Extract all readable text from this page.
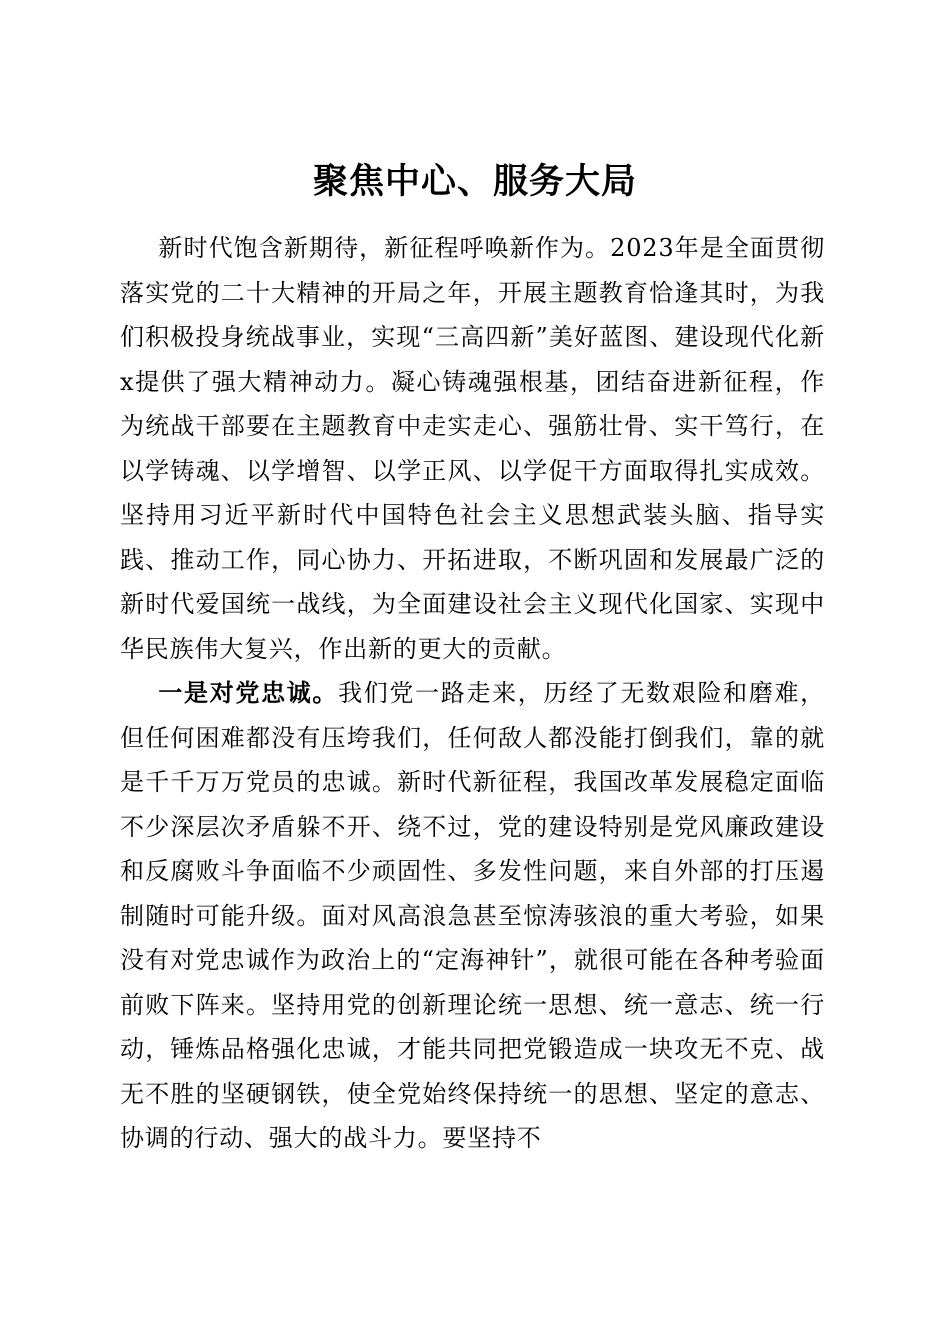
聚焦中心、服务大局

新时代饱含新期待，新征程呼唤新作为。2023年是全面贯彻落实党的二十大精神的开局之年，开展主题教育恰逢其时，为我们积极投身统战事业，实现“三高四新”美好蓝图、建设现代化新x提供了强大精神动力。凝心铸魂强根基，团结奋进新征程，作为统战干部要在主题教育中走实走心、强筋壮骨、实干笃行，在以学铸魂、以学增智、以学正风、以学促干方面取得扎实成效。坚持用习近平新时代中国特色社会主义思想武装头脑、指导实践、推动工作，同心协力、开拓进取，不断巩固和发展最广泛的新时代爱国统一战线，为全面建设社会主义现代化国家、实现中华民族伟大复兴，作出新的更大的贡献。

一是对党忠诚。我们党一路走来，历经了无数艰险和磨难，但任何困难都没有压垮我们，任何敌人都没能打倒我们，靠的就是千千万万党员的忠诚。新时代新征程，我国改革发展稳定面临不少深层次矛盾躲不开、绕不过，党的建设特别是党风廉政建设和反腐败斗争面临不少顽固性、多发性问题，来自外部的打压遏制随时可能升级。面对风高浪急甚至惊涛骇浪的重大考验，如果没有对党忠诚作为政治上的“定海神针”，就很可能在各种考验面前败下阵来。坚持用党的创新理论统一思想、统一意志、统一行动，锤炼品格强化忠诚，才能共同把党锻造成一块攻无不克、战无不胜的坚硬钢铁，使全党始终保持统一的思想、坚定的意志、协调的行动、强大的战斗力。要坚持不
